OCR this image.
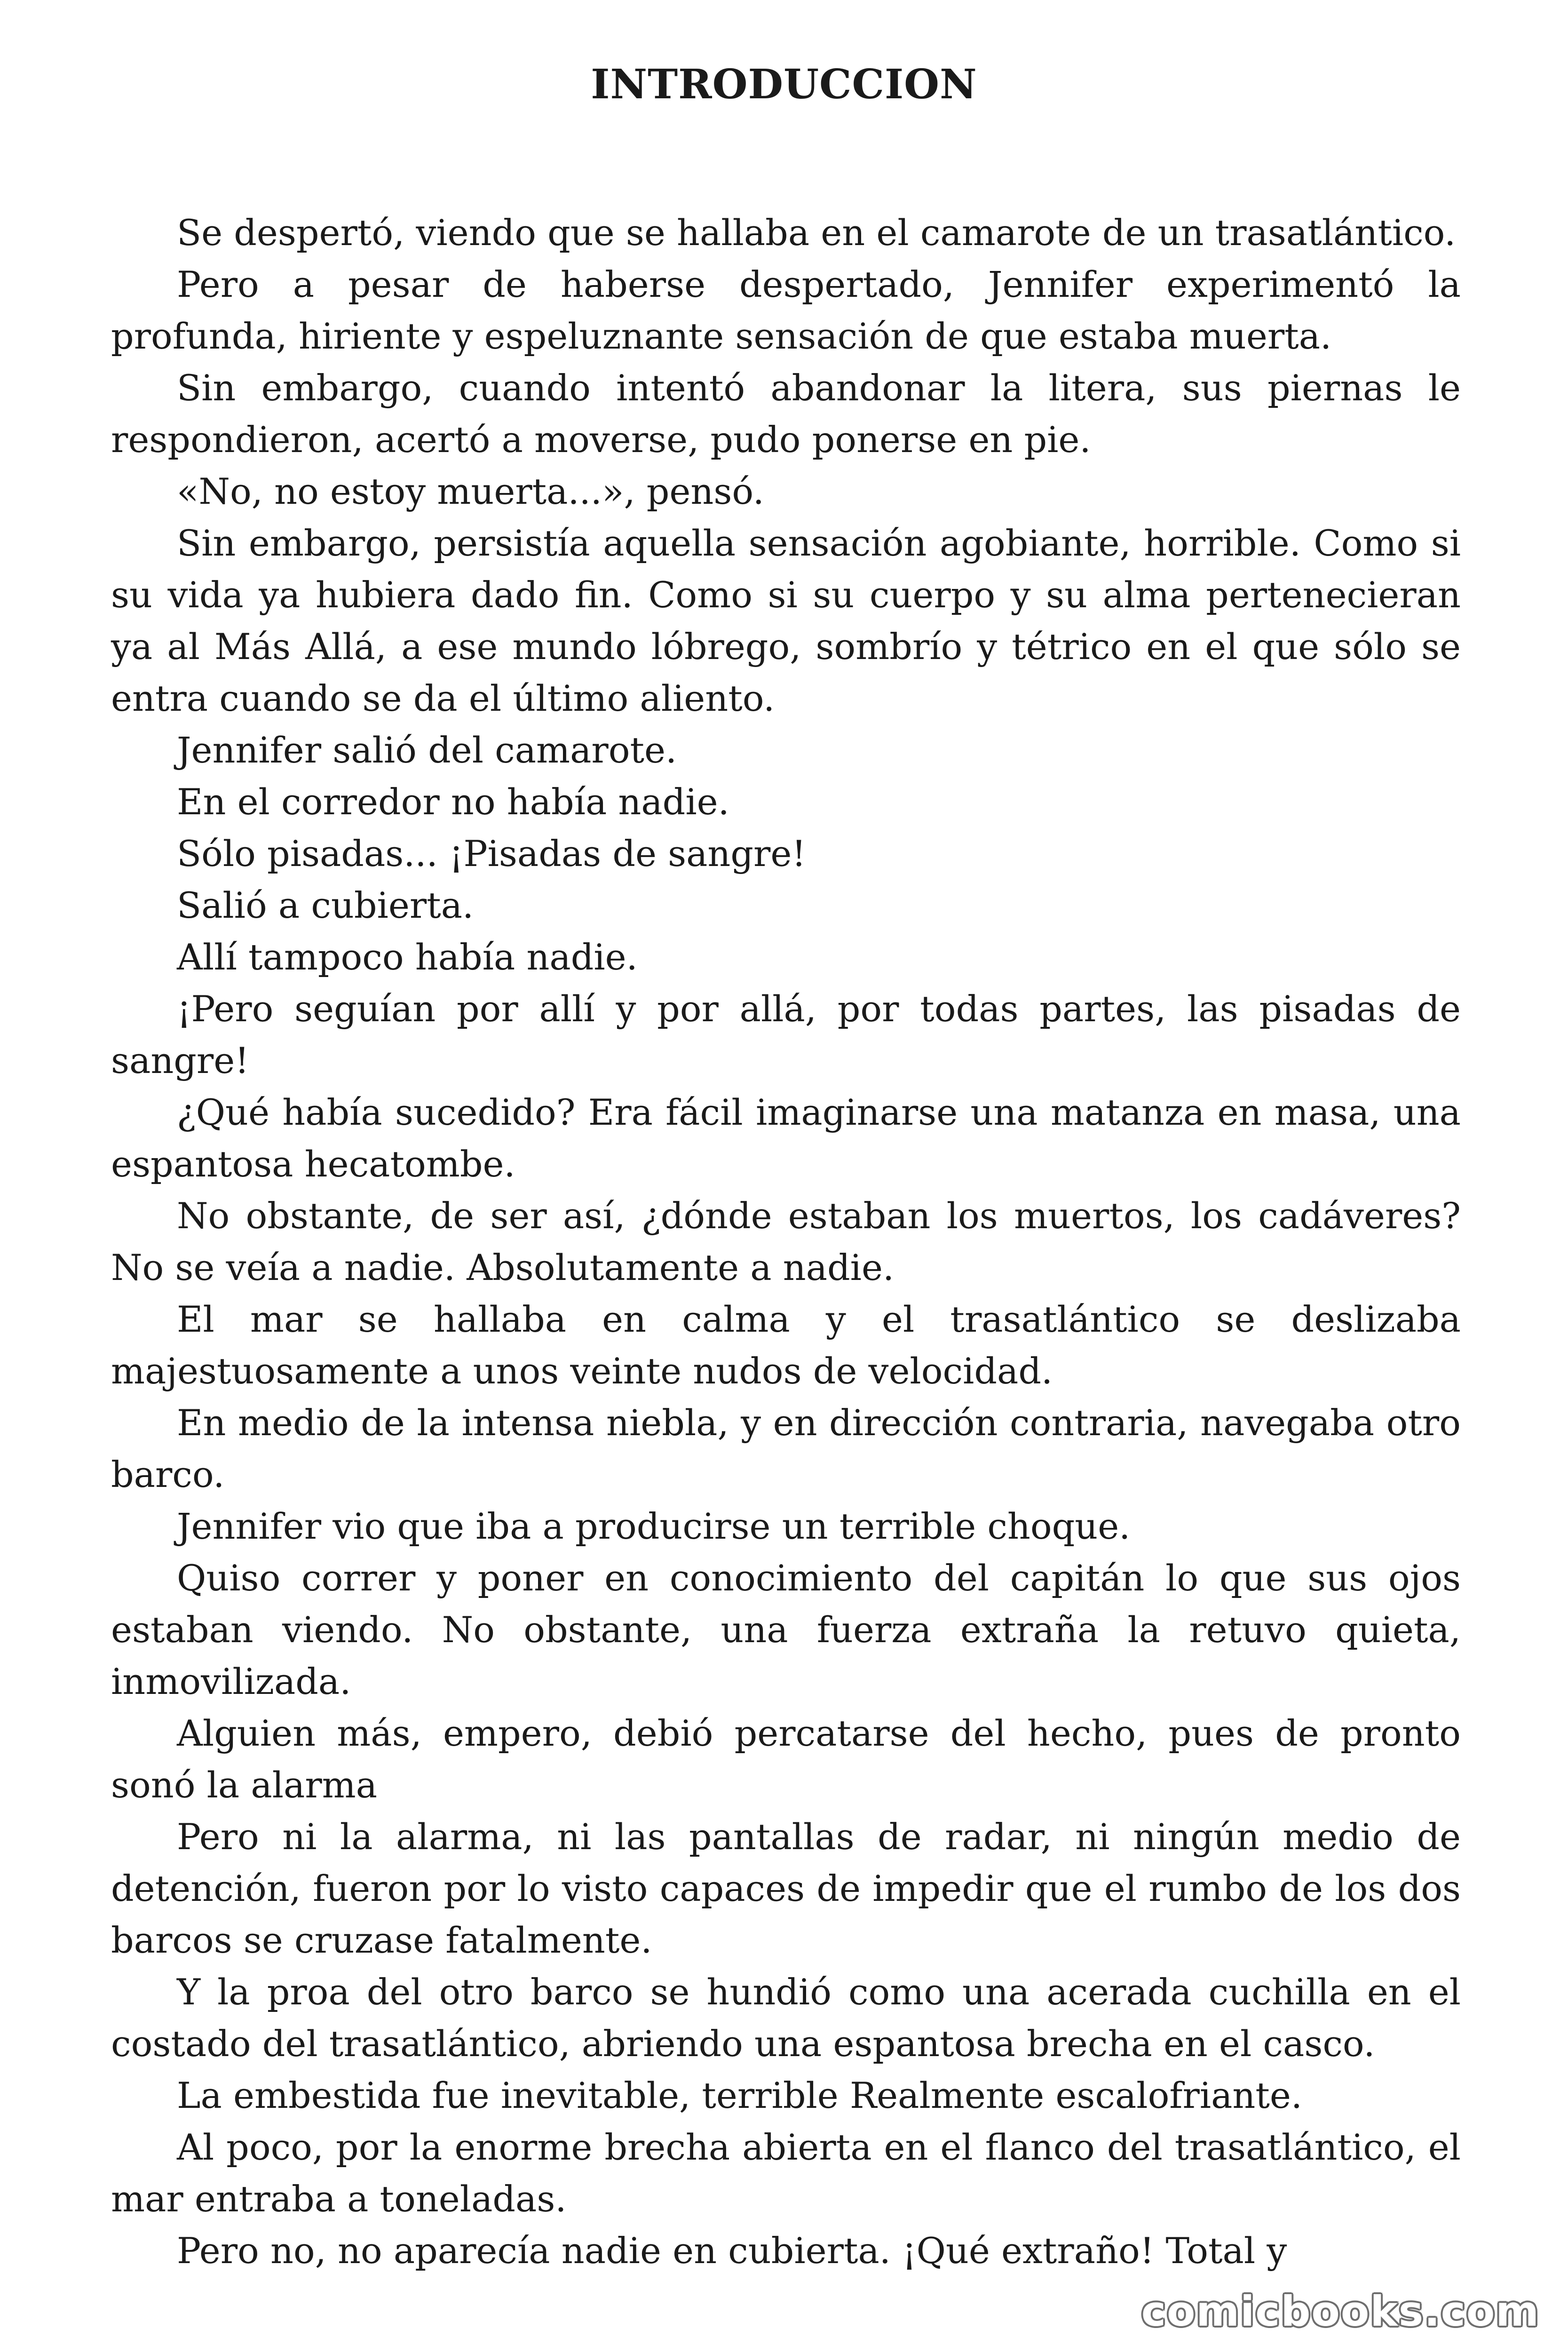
INTRODUCCION

Se despertó, viendo que se hallaba en el camarote de un trasatlántico.

Pero a pesar de haberse despertado, Jennifer experimentó la profunda, hiriente y espeluznante sensación de que estaba muerta.

Sin embargo, cuando intentó abandonar la litera, sus piernas le respondieron, acertó a moverse, pudo ponerse en pie.

«No, no estoy muerta...», pensó.

Sin embargo, persistía aquella sensación agobiante, horrible. Como si su vida ya hubiera dado fin. Como si su cuerpo y su alma pertenecieran ya al Más Allá, a ese mundo lóbrego, sombrío y tétrico en el que sólo se entra cuando se da el último aliento.

Jennifer salió del camarote.

En el corredor no había nadie.

Sólo pisadas... ¡Pisadas de sangre!

Salió a cubierta.

Allí tampoco había nadie.

¡Pero seguían por allí y por allá, por todas partes, las pisadas de sangre!

¿Qué había sucedido? Era fácil imaginarse una matanza en masa, una espantosa hecatombe.

No obstante, de ser así, ¿dónde estaban los muertos, los cadáveres? No se veía a nadie. Absolutamente a nadie.

El mar se hallaba en calma y el trasatlántico se deslizaba majestuosamente a unos veinte nudos de velocidad.

En medio de la intensa niebla, y en dirección contraria, navegaba otro barco.

Jennifer vio que iba a producirse un terrible choque.

Quiso correr y poner en conocimiento del capitán lo que sus ojos estaban viendo. No obstante, una fuerza extraña la retuvo quieta, inmovilizada.

Alguien más, empero, debió percatarse del hecho, pues de pronto sonó la alarma

Pero ni la alarma, ni las pantallas de radar, ni ningún medio de detención, fueron por lo visto capaces de impedir que el rumbo de los dos barcos se cruzase fatalmente.

Y la proa del otro barco se hundió como una acerada cuchilla en el costado del trasatlántico, abriendo una espantosa brecha en el casco.

La embestida fue inevitable, terrible Realmente escalofriante.

Al poco, por la enorme brecha abierta en el flanco del trasatlántico, el mar entraba a toneladas.

Pero no, no aparecía nadie en cubierta. ¡Qué extraño! Total y

comicbooks.com
